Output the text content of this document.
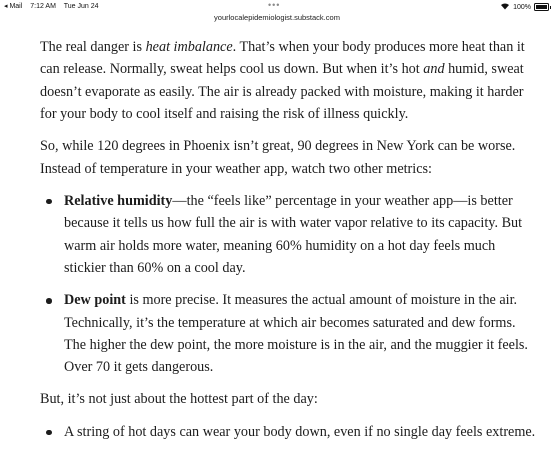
◂ Mail 7:12 AM Tue Jun 24	•••	100%
yourlocalepidemiologist.substack.com

The real danger is heat imbalance. That’s when your body produces more heat than it can release. Normally, sweat helps cool us down. But when it’s hot and humid, sweat doesn’t evaporate as easily. The air is already packed with moisture, making it harder for your body to cool itself and raising the risk of illness quickly.

So, while 120 degrees in Phoenix isn’t great, 90 degrees in New York can be worse. Instead of temperature in your weather app, watch two other metrics:

Relative humidity—the “feels like” percentage in your weather app—is better because it tells us how full the air is with water vapor relative to its capacity. But warm air holds more water, meaning 60% humidity on a hot day feels much stickier than 60% on a cool day.
Dew point is more precise. It measures the actual amount of moisture in the air. Technically, it’s the temperature at which air becomes saturated and dew forms. The higher the dew point, the more moisture is in the air, and the muggier it feels. Over 70 it gets dangerous.

But, it’s not just about the hottest part of the day:

A string of hot days can wear your body down, even if no single day feels extreme.
